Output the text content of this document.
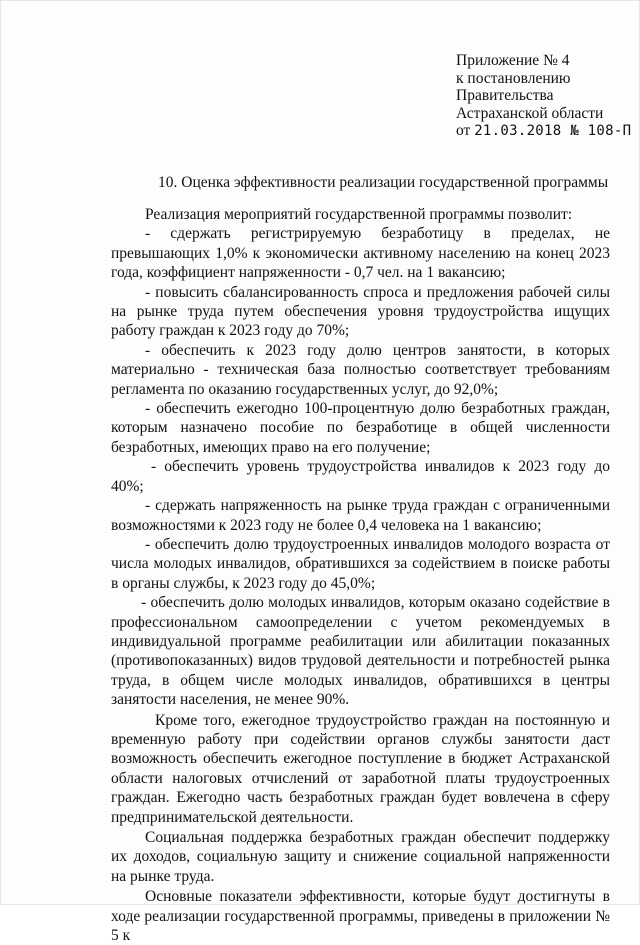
Приложение № 4
к постановлению
Правительства
Астраханской области
от 21.03.2018 № 108-П
10. Оценка эффективности реализации государственной программы

Реализация мероприятий государственной программы позволит:

- сдержать регистрируемую безработицу в пределах, не превышающих 1,0% к экономически активному населению на конец 2023 года, коэффициент напряженности - 0,7 чел. на 1 вакансию;

- повысить сбалансированность спроса и предложения рабочей силы на рынке труда путем обеспечения уровня трудоустройства ищущих работу граждан к 2023 году до 70%;

- обеспечить к 2023 году долю центров занятости, в которых материально - техническая база полностью соответствует требованиям регламента по оказанию государственных услуг, до 92,0%;

- обеспечить ежегодно 100-процентную долю безработных граждан, которым назначено пособие по безработице в общей численности безработных, имеющих право на его получение;

- обеспечить уровень трудоустройства инвалидов к 2023 году до 40%;

- сдержать напряженность на рынке труда граждан с ограниченными возможностями к 2023 году не более 0,4 человека на 1 вакансию;

- обеспечить долю трудоустроенных инвалидов молодого возраста от числа молодых инвалидов, обратившихся за содействием в поиске работы в органы службы, к 2023 году до 45,0%;

- обеспечить долю молодых инвалидов, которым оказано содействие в профессиональном самоопределении с учетом рекомендуемых в индивидуальной программе реабилитации или абилитации показанных (противопоказанных) видов трудовой деятельности и потребностей рынка труда, в общем числе молодых инвалидов, обратившихся в центры занятости населения, не менее 90%.

Кроме того, ежегодное трудоустройство граждан на постоянную и временную работу при содействии органов службы занятости даст возможность обеспечить ежегодное поступление в бюджет Астраханской области налоговых отчислений от заработной платы трудоустроенных граждан. Ежегодно часть безработных граждан будет вовлечена в сферу предпринимательской деятельности.

Социальная поддержка безработных граждан обеспечит поддержку их доходов, социальную защиту и снижение социальной напряженности на рынке труда.

Основные показатели эффективности, которые будут достигнуты в ходе реализации государственной программы, приведены в приложении № 5 к
